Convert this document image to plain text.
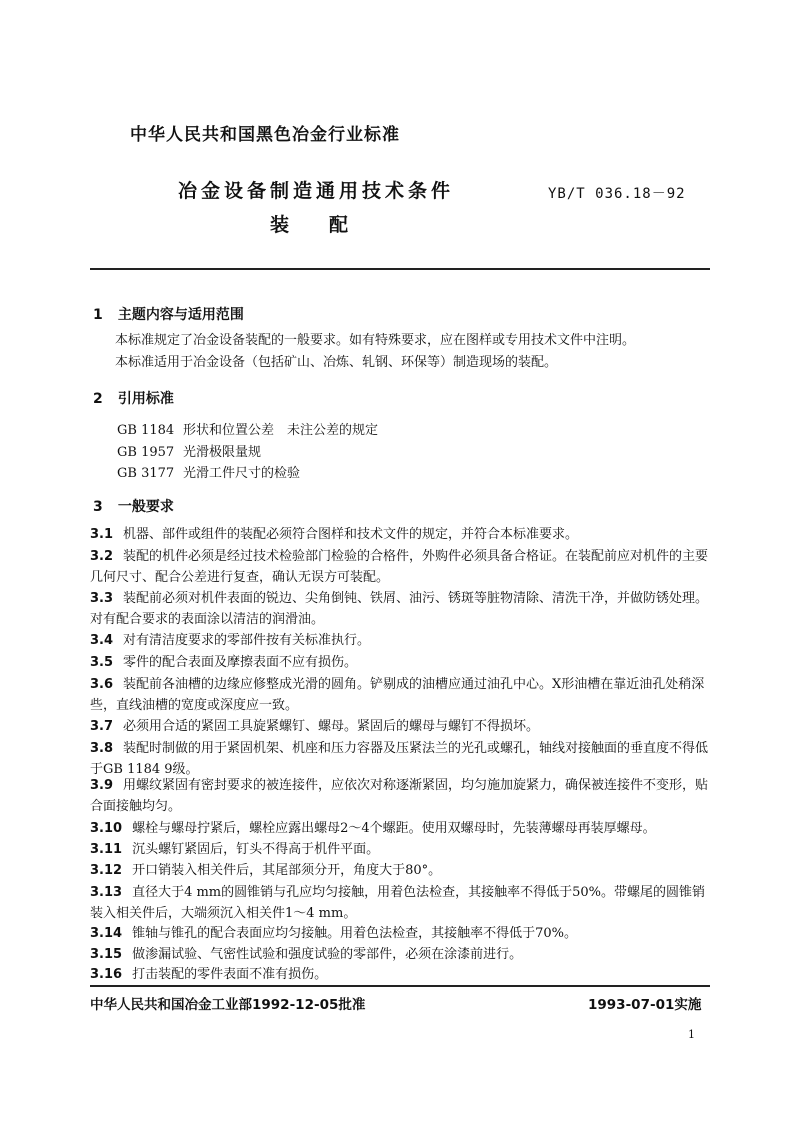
中华人民共和国黑色冶金行业标准
冶金设备制造通用技术条件
装配
YB/T 036.18－92
1 主题内容与适用范围
本标准规定了冶金设备装配的一般要求。如有特殊要求，应在图样或专用技术文件中注明。
本标准适用于冶金设备（包括矿山、冶炼、轧钢、环保等）制造现场的装配。
2 引用标准
GB 1184 形状和位置公差　未注公差的规定
GB 1957 光滑极限量规
GB 3177 光滑工件尺寸的检验
3 一般要求
3.1 机器、部件或组件的装配必须符合图样和技术文件的规定，并符合本标准要求。
3.2 装配的机件必须是经过技术检验部门检验的合格件，外购件必须具备合格证。在装配前应对机件的主要几何尺寸、配合公差进行复查，确认无误方可装配。
3.3 装配前必须对机件表面的锐边、尖角倒钝、铁屑、油污、锈斑等脏物清除、清洗干净，并做防锈处理。对有配合要求的表面涂以清洁的润滑油。
3.4 对有清洁度要求的零部件按有关标准执行。
3.5 零件的配合表面及摩擦表面不应有损伤。
3.6 装配前各油槽的边缘应修整成光滑的圆角。铲剔成的油槽应通过油孔中心。X形油槽在靠近油孔处稍深些，直线油槽的宽度或深度应一致。
3.7 必须用合适的紧固工具旋紧螺钉、螺母。紧固后的螺母与螺钉不得损坏。
3.8 装配时制做的用于紧固机架、机座和压力容器及压紧法兰的光孔或螺孔，轴线对接触面的垂直度不得低于GB 1184 9级。
3.9 用螺纹紧固有密封要求的被连接件，应依次对称逐渐紧固，均匀施加旋紧力，确保被连接件不变形，贴合面接触均匀。
3.10 螺栓与螺母拧紧后，螺栓应露出螺母2～4个螺距。使用双螺母时，先装薄螺母再装厚螺母。
3.11 沉头螺钉紧固后，钉头不得高于机件平面。
3.12 开口销装入相关件后，其尾部须分开，角度大于80°。
3.13 直径大于4 mm的圆锥销与孔应均匀接触，用着色法检查，其接触率不得低于50%。带螺尾的圆锥销装入相关件后，大端须沉入相关件1～4 mm。
3.14 锥轴与锥孔的配合表面应均匀接触。用着色法检查，其接触率不得低于70%。
3.15 做渗漏试验、气密性试验和强度试验的零部件，必须在涂漆前进行。
3.16 打击装配的零件表面不准有损伤。
中华人民共和国冶金工业部1992-12-05批准	1993-07-01实施
1
